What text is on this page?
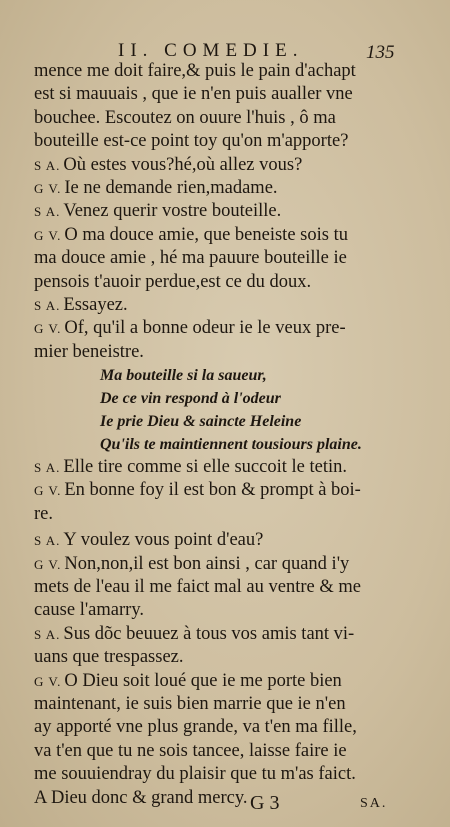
II. COMEDIE.	135
mence me doit faire,& puis le pain d'achapt
est si mauuais , que ie n'en puis aualler vne
bouchee. Escoutez on ouure l'huis , ô ma
bouteille est-ce point toy qu'on m'apporte?
S A. Où estes vous?hé,où allez vous?
G V. Ie ne demande rien,madame.
S A. Venez querir vostre bouteille.
G V. O ma douce amie, que beneiste sois tu
ma douce amie , hé ma pauure bouteille ie
pensois t'auoir perdue,est ce du doux.
S A. Essayez.
G V. Of, qu'il a bonne odeur ie le veux pre-
mier beneistre.
Ma bouteille si la saueur,
De ce vin respond à l'odeur
Ie prie Dieu & saincte Heleine
Qu'ils te maintiennent tousiours plaine.
S A. Elle tire comme si elle succoit le tetin.
G V. En bonne foy il est bon & prompt à boi-
re.
S A. Y voulez vous point d'eau?
G V. Non,non,il est bon ainsi , car quand i'y
mets de l'eau il me faict mal au ventre & me
cause l'amarry.
S A. Sus dõc beuuez à tous vos amis tant vi-
uans que trespassez.
G V. O Dieu soit loué que ie me porte bien
maintenant, ie suis bien marrie que ie n'en
ay apporté vne plus grande, va t'en ma fille,
va t'en que tu ne sois tancee, laisse faire ie
me souuiendray du plaisir que tu m'as faict.
A Dieu donc & grand mercy. G 3	SA.
